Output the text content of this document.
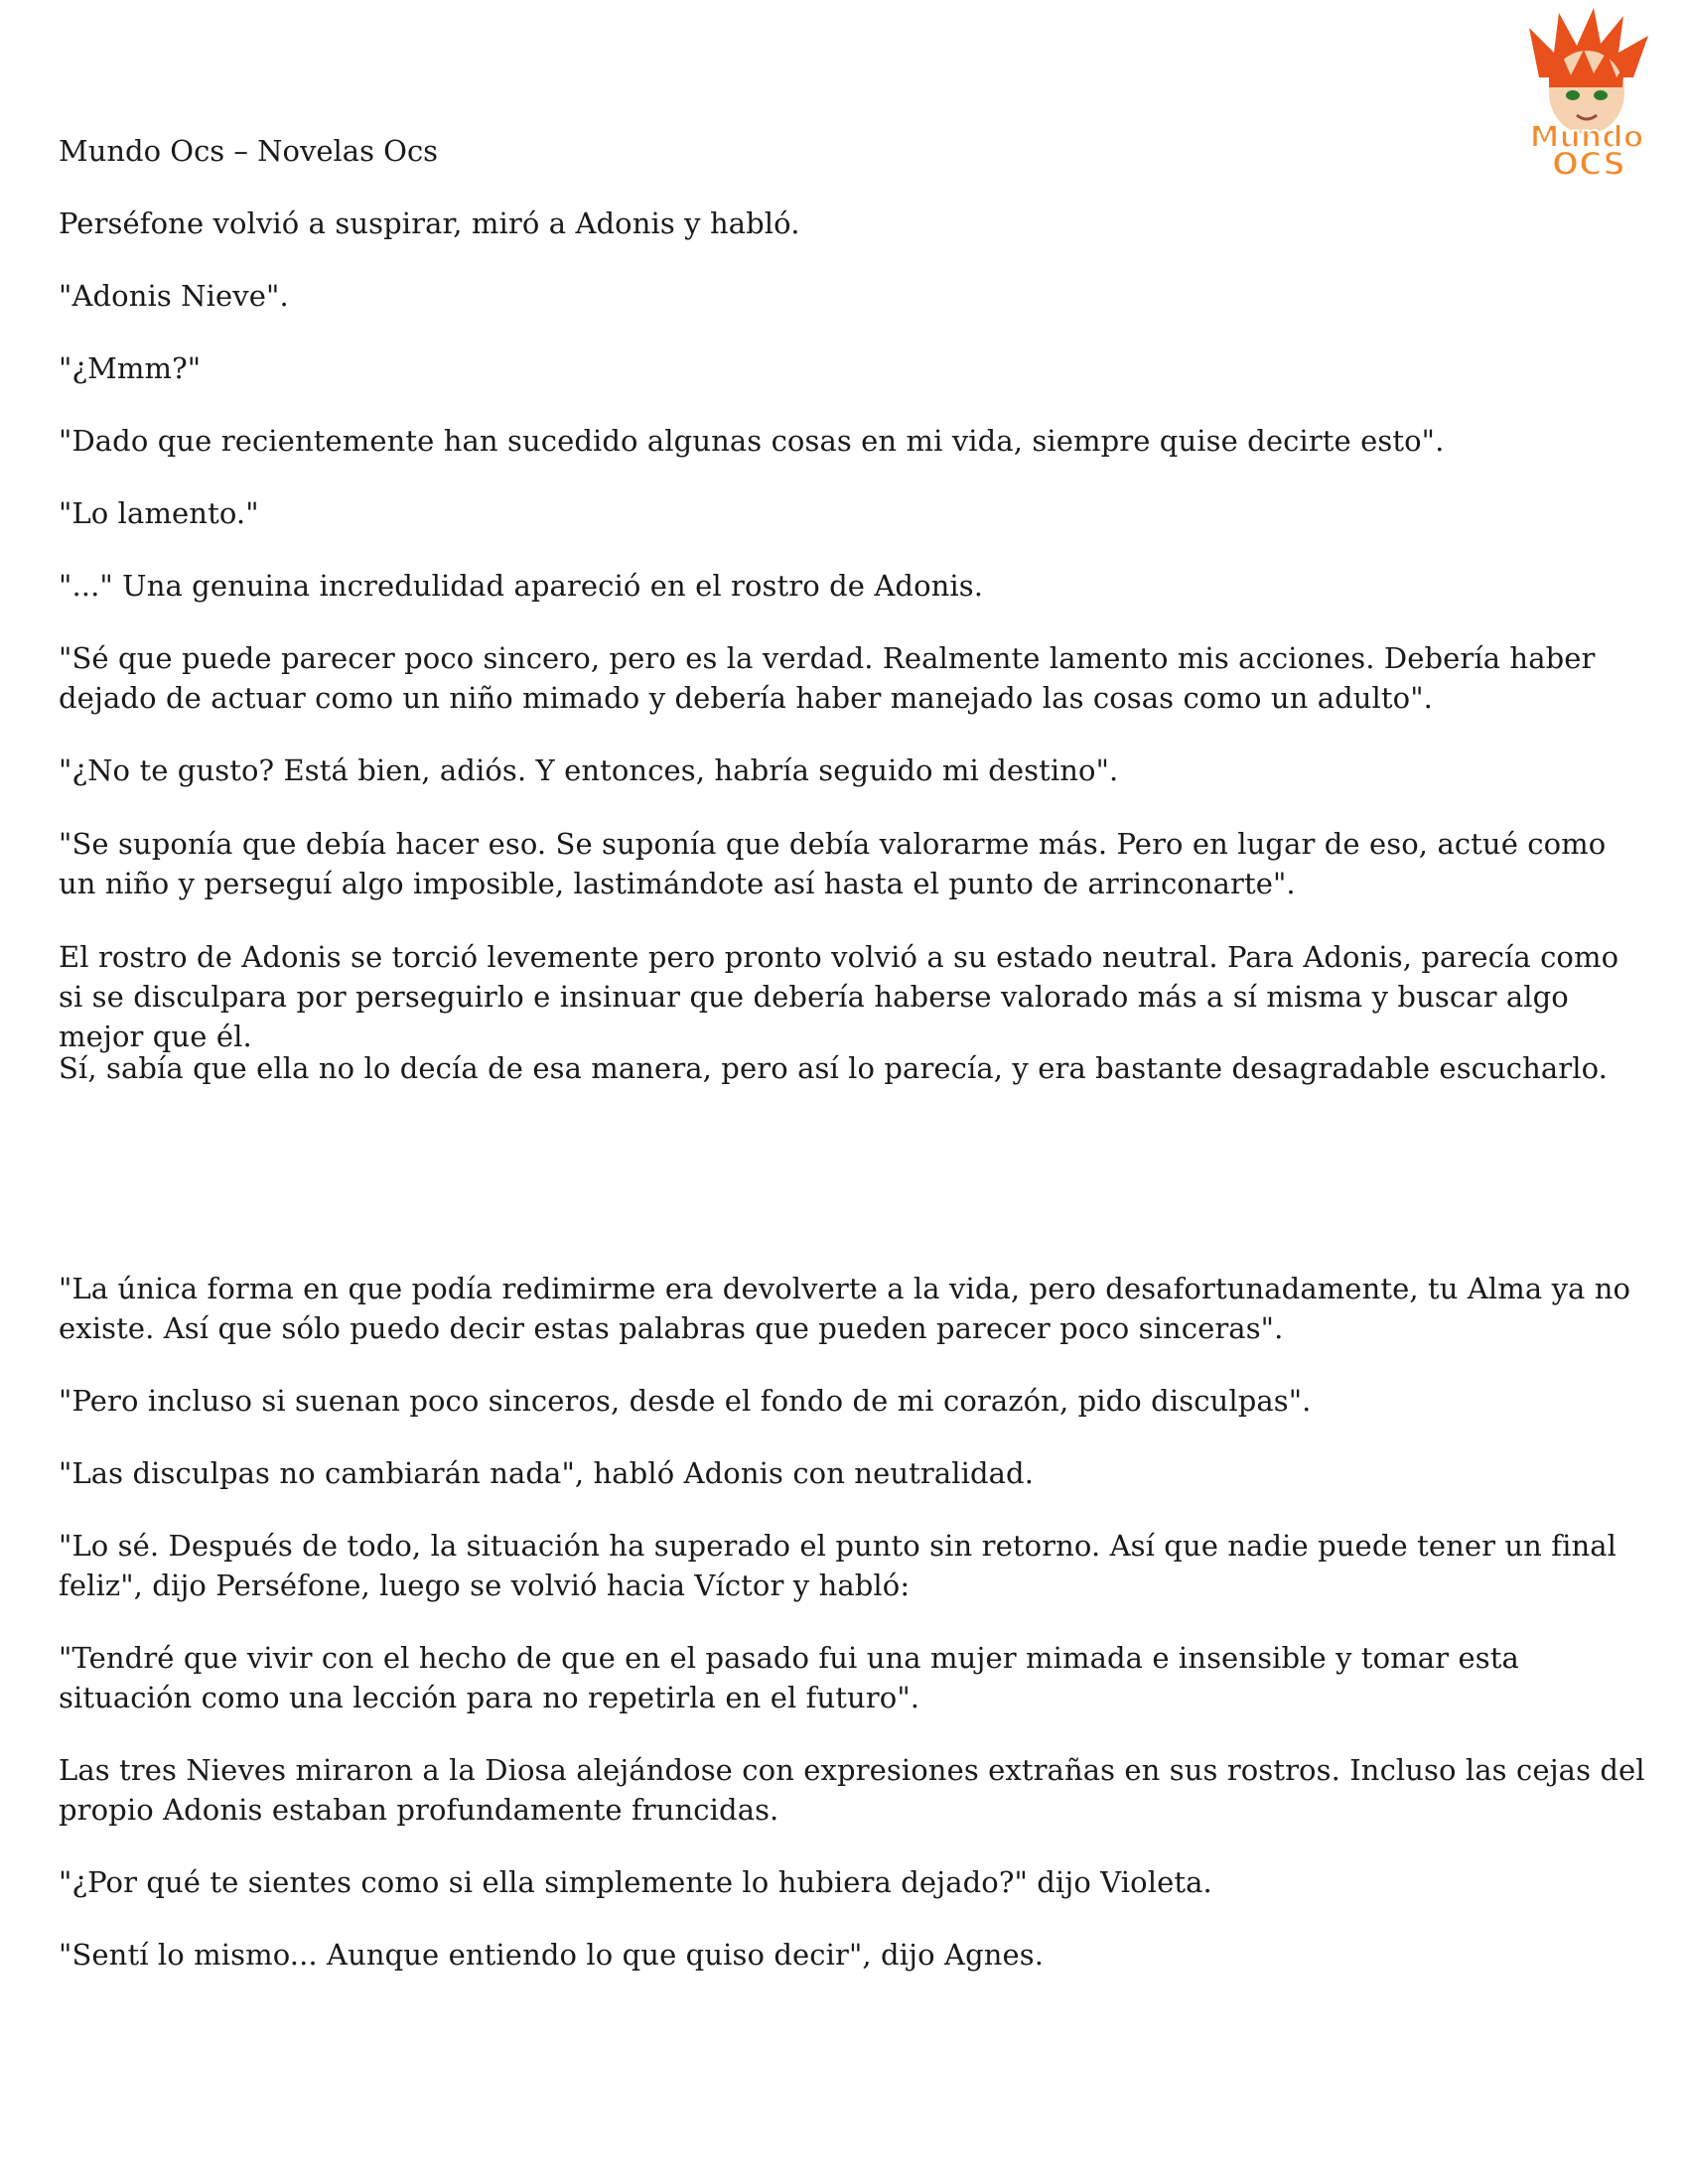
Mundo
OCS

Mundo Ocs – Novelas Ocs

Perséfone volvió a suspirar, miró a Adonis y habló.

"Adonis Nieve".

"¿Mmm?"

"Dado que recientemente han sucedido algunas cosas en mi vida, siempre quise decirte esto".

"Lo lamento."

"..." Una genuina incredulidad apareció en el rostro de Adonis.

"Sé que puede parecer poco sincero, pero es la verdad. Realmente lamento mis acciones. Debería haber dejado de actuar como un niño mimado y debería haber manejado las cosas como un adulto".

"¿No te gusto? Está bien, adiós. Y entonces, habría seguido mi destino".

"Se suponía que debía hacer eso. Se suponía que debía valorarme más. Pero en lugar de eso, actué como un niño y perseguí algo imposible, lastimándote así hasta el punto de arrinconarte".

El rostro de Adonis se torció levemente pero pronto volvió a su estado neutral. Para Adonis, parecía como si se disculpara por perseguirlo e insinuar que debería haberse valorado más a sí misma y buscar algo mejor que él.

Sí, sabía que ella no lo decía de esa manera, pero así lo parecía, y era bastante desagradable escucharlo.

"La única forma en que podía redimirme era devolverte a la vida, pero desafortunadamente, tu Alma ya no existe. Así que sólo puedo decir estas palabras que pueden parecer poco sinceras".

"Pero incluso si suenan poco sinceros, desde el fondo de mi corazón, pido disculpas".

"Las disculpas no cambiarán nada", habló Adonis con neutralidad.

"Lo sé. Después de todo, la situación ha superado el punto sin retorno. Así que nadie puede tener un final feliz", dijo Perséfone, luego se volvió hacia Víctor y habló:

"Tendré que vivir con el hecho de que en el pasado fui una mujer mimada e insensible y tomar esta situación como una lección para no repetirla en el futuro".

Las tres Nieves miraron a la Diosa alejándose con expresiones extrañas en sus rostros. Incluso las cejas del propio Adonis estaban profundamente fruncidas.

"¿Por qué te sientes como si ella simplemente lo hubiera dejado?" dijo Violeta.

"Sentí lo mismo... Aunque entiendo lo que quiso decir", dijo Agnes.
